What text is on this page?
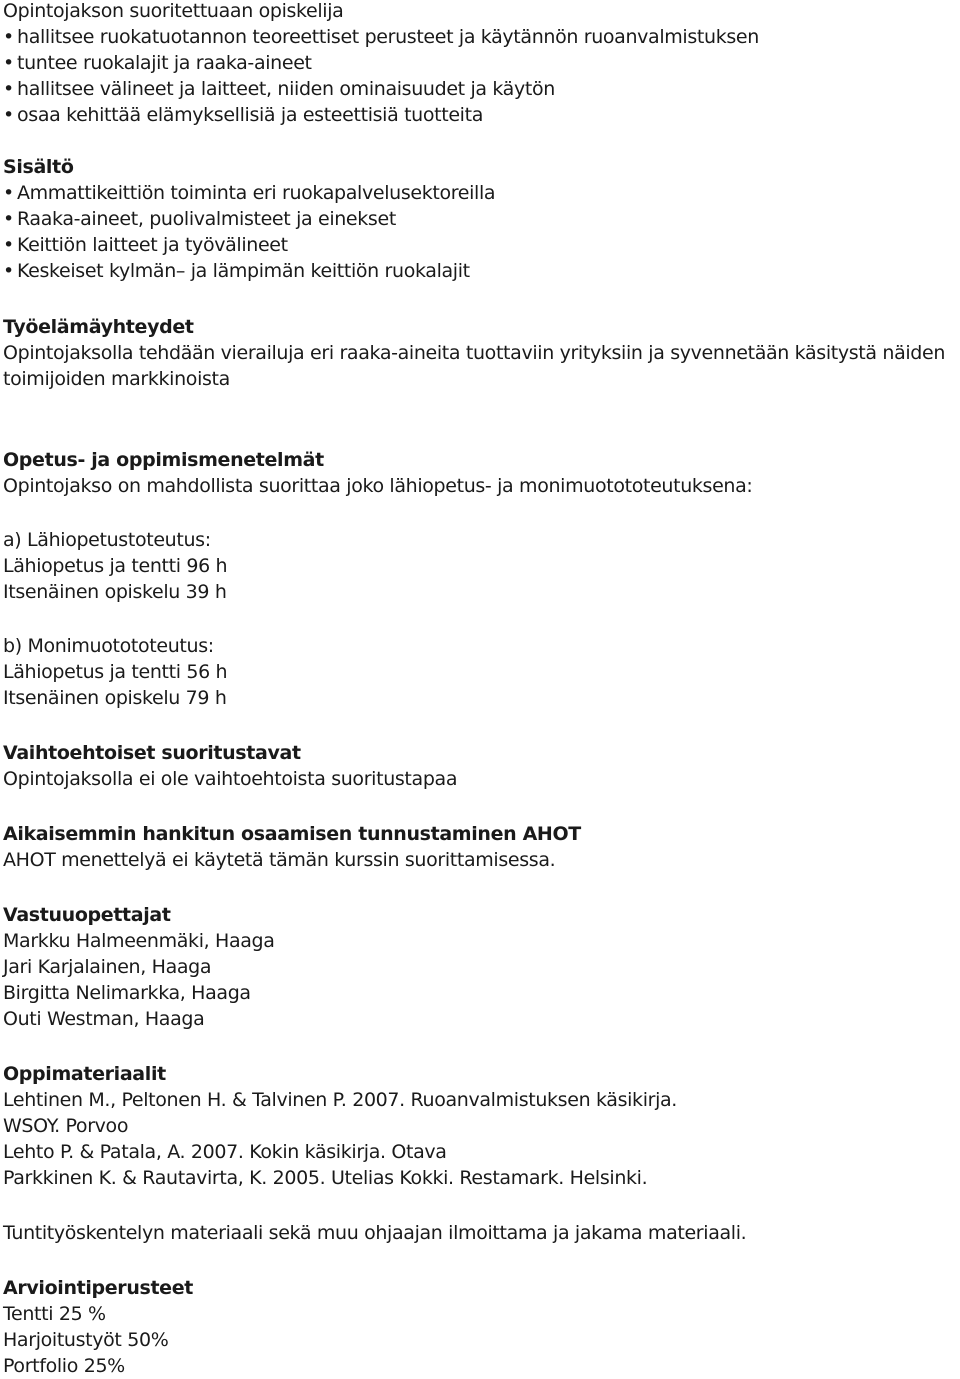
Opintojakson suoritettuaan opiskelija
• hallitsee ruokatuotannon teoreettiset perusteet ja käytännön ruoanvalmistuksen
• tuntee ruokalajit ja raaka-aineet
• hallitsee välineet ja laitteet, niiden ominaisuudet ja käytön
• osaa kehittää elämyksellisiä ja esteettisiä tuotteita
Sisältö
• Ammattikeittiön toiminta eri ruokapalvelusektoreilla
• Raaka-aineet, puolivalmisteet ja einekset
• Keittiön laitteet ja työvälineet
• Keskeiset kylmän– ja lämpimän keittiön ruokalajit
Työelämäyhteydet
Opintojaksolla tehdään vierailuja eri raaka-aineita tuottaviin yrityksiin ja syvennetään käsitystä näiden
toimijoiden markkinoista
Opetus- ja oppimismenetelmät
Opintojakso on mahdollista suorittaa joko lähiopetus- ja monimuotototeutuksena:
a) Lähiopetustoteutus:
Lähiopetus ja tentti 96 h
Itsenäinen opiskelu 39 h
b) Monimuotototeutus:
Lähiopetus ja tentti 56 h
Itsenäinen opiskelu 79 h
Vaihtoehtoiset suoritustavat
Opintojaksolla ei ole vaihtoehtoista suoritustapaa
Aikaisemmin hankitun osaamisen tunnustaminen AHOT
AHOT menettelyä ei käytetä tämän kurssin suorittamisessa.
Vastuuopettajat
Markku Halmeenmäki, Haaga
Jari Karjalainen, Haaga
Birgitta Nelimarkka, Haaga
Outi Westman, Haaga
Oppimateriaalit
Lehtinen M., Peltonen H. & Talvinen P. 2007. Ruoanvalmistuksen käsikirja.
WSOY. Porvoo
Lehto P. & Patala, A. 2007. Kokin käsikirja. Otava
Parkkinen K. & Rautavirta, K. 2005. Utelias Kokki. Restamark. Helsinki.
Tuntityöskentelyn materiaali sekä muu ohjaajan ilmoittama ja jakama materiaali.
Arviointiperusteet
Tentti 25 %
Harjoitustyöt 50%
Portfolio 25%
